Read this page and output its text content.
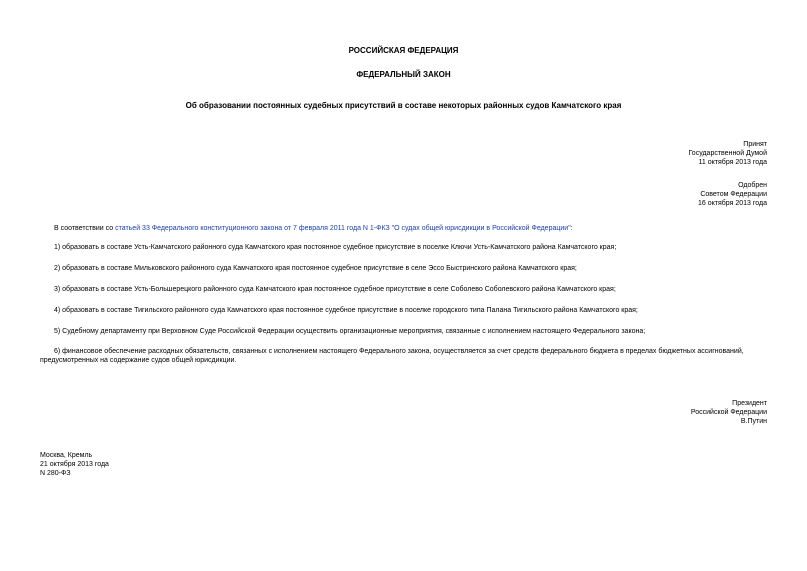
РОССИЙСКАЯ ФЕДЕРАЦИЯ
ФЕДЕРАЛЬНЫЙ ЗАКОН
Об образовании постоянных судебных присутствий в составе некоторых районных судов Камчатского края
Принят
Государственной Думой
11 октября 2013 года
Одобрен
Советом Федерации
16 октября 2013 года
В соответствии со статьей 33 Федерального конституционного закона от 7 февраля 2011 года N 1-ФКЗ "О судах общей юрисдикции в Российской Федерации":
1) образовать в составе Усть-Камчатского районного суда Камчатского края постоянное судебное присутствие в поселке Ключи Усть-Камчатского района Камчатского края;
2) образовать в составе Мильковского районного суда Камчатского края постоянное судебное присутствие в селе Эссо Быстринского района Камчатского края;
3) образовать в составе Усть-Большерецкого районного суда Камчатского края постоянное судебное присутствие в селе Соболево Соболевского района Камчатского края;
4) образовать в составе Тигильского районного суда Камчатского края постоянное судебное присутствие в поселке городского типа Палана Тигильского района Камчатского края;
5) Судебному департаменту при Верховном Суде Российской Федерации осуществить организационные мероприятия, связанные с исполнением настоящего Федерального закона;
6) финансовое обеспечение расходных обязательств, связанных с исполнением настоящего Федерального закона, осуществляется за счет средств федерального бюджета в пределах бюджетных ассигнований, предусмотренных на содержание судов общей юрисдикции.
Президент
Российской Федерации
В.Путин
Москва, Кремль
21 октября 2013 года
N 280-ФЗ
